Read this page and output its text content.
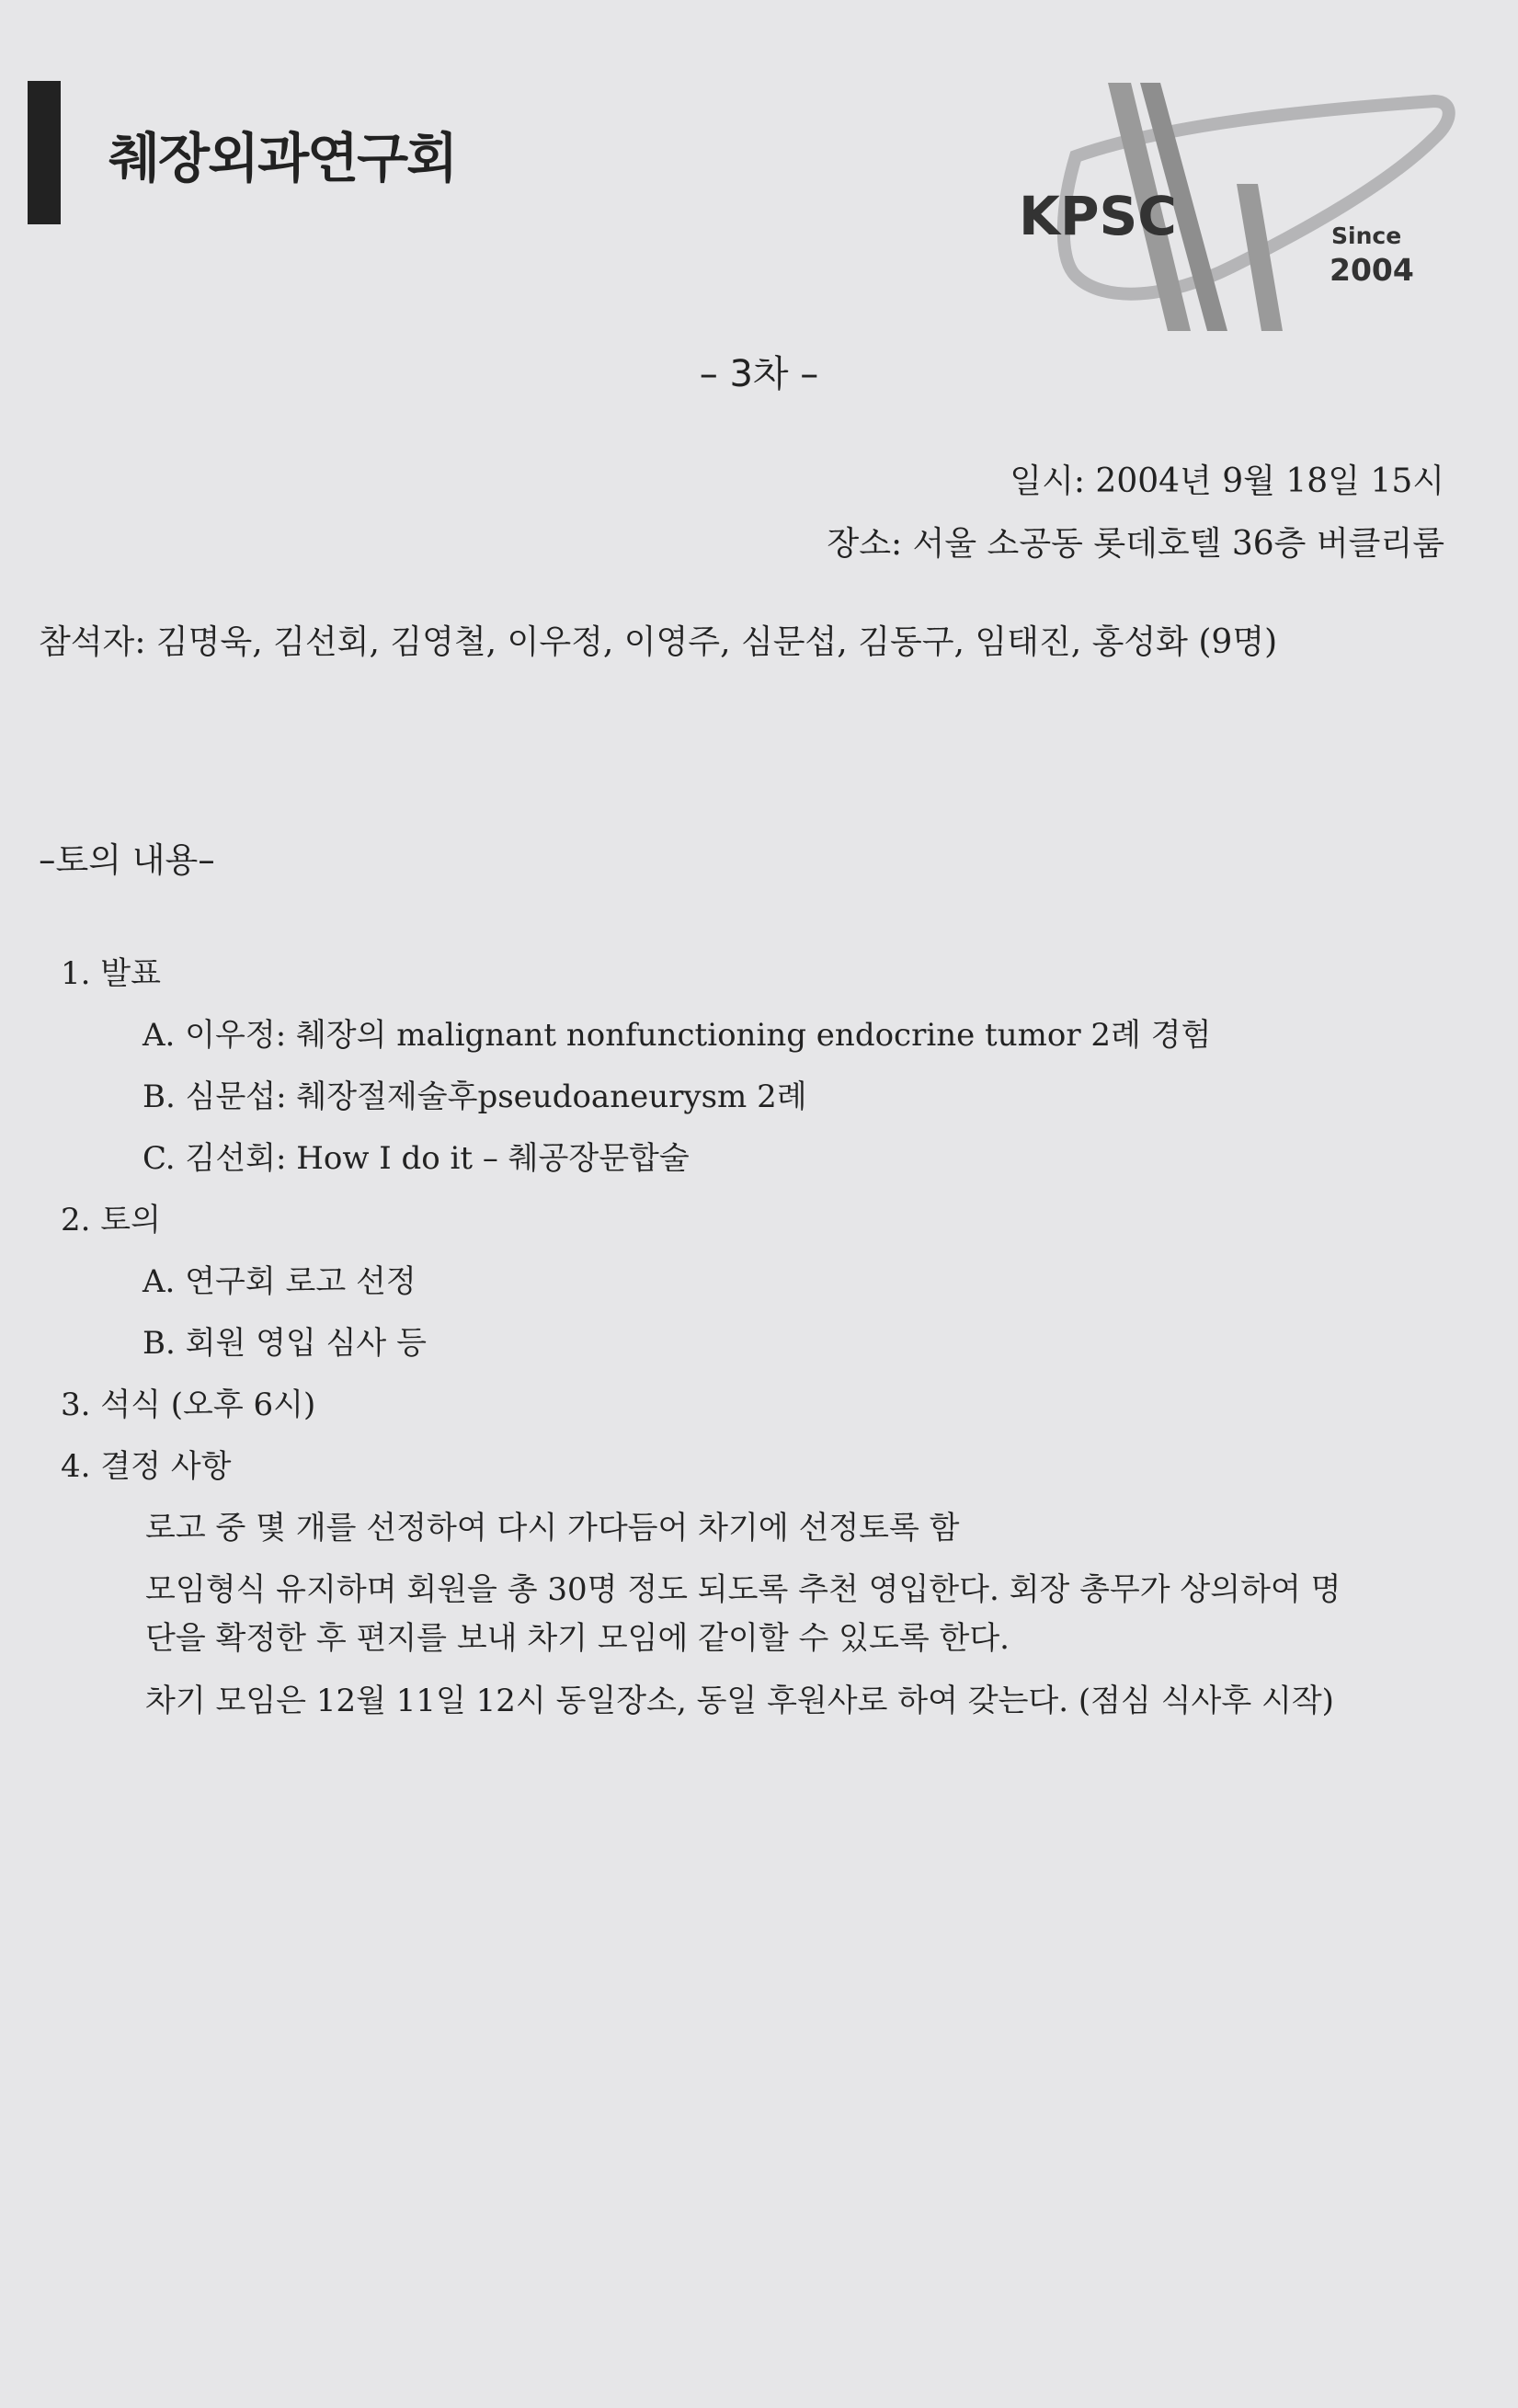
췌장외과연구회
KPSC	Since
2004
– 3차 –
일시: 2004년 9월 18일 15시
장소: 서울 소공동 롯데호텔 36층 버클리룸
참석자: 김명욱, 김선회, 김영철, 이우정, 이영주, 심문섭, 김동구, 임태진, 홍성화 (9명)
–토의 내용–
1. 발표
A. 이우정: 췌장의 malignant nonfunctioning endocrine tumor 2례 경험
B. 심문섭: 췌장절제술후pseudoaneurysm 2례
C. 김선회: How I do it – 췌공장문합술
2. 토의
A. 연구회 로고 선정
B. 회원 영입 심사 등
3. 석식 (오후 6시)
4. 결정 사항
로고 중 몇 개를 선정하여 다시 가다듬어 차기에 선정토록 함
모임형식 유지하며 회원을 총 30명 정도 되도록 추천 영입한다. 회장 총무가 상의하여 명
단을 확정한 후 편지를 보내 차기 모임에 같이할 수 있도록 한다.
차기 모임은 12월 11일 12시 동일장소, 동일 후원사로 하여 갖는다. (점심 식사후 시작)
